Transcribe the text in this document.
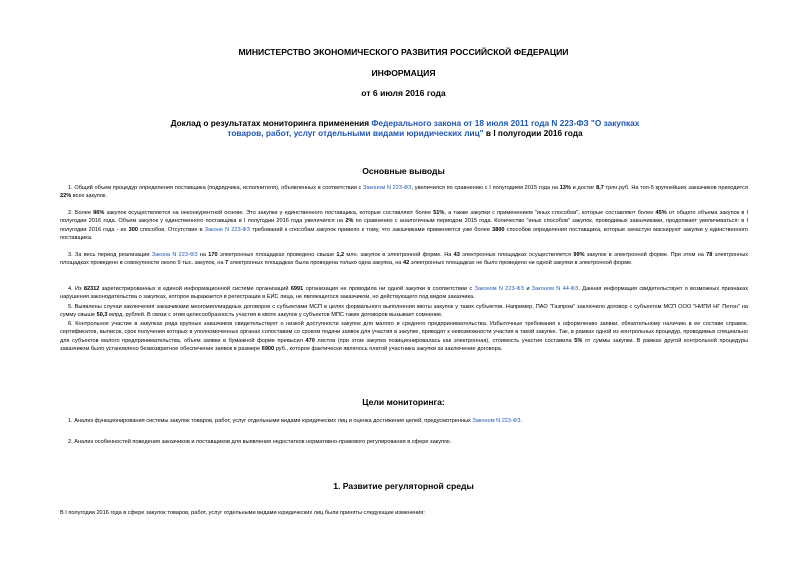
МИНИСТЕРСТВО ЭКОНОМИЧЕСКОГО РАЗВИТИЯ РОССИЙСКОЙ ФЕДЕРАЦИИ
ИНФОРМАЦИЯ
от 6 июля 2016 года
Доклад о результатах мониторинга применения Федерального закона от 18 июля 2011 года N 223-ФЗ "О закупках товаров, работ, услуг отдельными видами юридических лиц" в I полугодии 2016 года
Основные выводы
1. Общий объем процедур определения поставщика (подрядчика, исполнителя), объявленных в соответствии с Законом N 223-ФЗ, увеличился по сравнению с I полугодием 2015 года на 13% и достиг 8,7 трлн.руб. На топ-5 крупнейших заказчиков приходится 22% всех закупок.
2. Более 96% закупок осуществляется на неконкурентной основе. Это закупки у единственного поставщика, которые составляют более 51%, а также закупки с применением "иных способов", которые составляют более 45% от общего объема закупок в I полугодии 2016 года. Объем закупок у единственного поставщика в I полугодии 2016 года увеличился на 2% по сравнению с аналогичным периодом 2015 года. Количество "иных способов" закупок, проводимых заказчиками, продолжает увеличиваться: в I полугодии 2016 года - их 300 способов. Отсутствие в Законе N 223-ФЗ требований к способам закупок привело к тому, что заказчиками применяется уже более 3800 способов определения поставщика, которые зачастую маскируют закупки у единственного поставщика.
3. За весь период реализации Закона N 223-ФЗ на 170 электронных площадках проведено свыше 1,2 млн. закупок в электронной форме. На 43 электронных площадках осуществляется 99% закупок в электронной форме. При этом на 78 электронных площадках проведено в совокупности около 9 тыс. закупок, на 7 электронных площадках была проведена только одна закупка, на 42 электронных площадках не было проведено ни одной закупки в электронной форме.
4. Из 82312 зарегистрированных в единой информационной системе организаций 6991 организация не проводила ни одной закупки в соответствии с Законом N 223-ФЗ и Законом N 44-ФЗ. Данная информация свидетельствует о возможных признаках нарушения законодательства о закупках, которое выражается в регистрации в ЕИС лица, не являющегося заказчиком, но действующего под видом заказчика.
5. Выявлены случаи заключения заказчиками многомиллиардных договоров с субъектами МСП в целях формального выполнения квоты закупок у таких субъектов. Например, ПАО "Газпром" заключило договор с субъектом МСП ООО "НИПИ НГ Петон" на сумму свыше 50,3 млрд. рублей. В связи с этим целесообразность участия в квоте закупок у субъектов МПС таких договоров вызывает сомнение.
6. Контрольное участие в закупках ряда крупных заказчиков свидетельствует о низкой доступности закупок для малого и среднего предпринимательства. Избыточные требования к оформлению заявки, обязательному наличию в ее составе справок, сертификатов, выписок, срок получения которых в уполномоченных органах сопоставим со сроком подачи заявок для участия в закупке, приводят к невозможности участия в такой закупке. Так, в рамках одной из контрольных процедур, проводимых специально для субъектов малого предпринимательства, объем заявки в бумажной форме превысил 470 листов (при этом закупка позиционировалась как электронная), стоимость участия составила 5% от суммы закупки. В рамках другой контрольной процедуры заказчиком было установлено безвозвратное обеспечение заявок в размере 6900 руб., которое фактически являлось платой участника закупки за заключение договора.
Цели мониторинга:
1. Анализ функционирования системы закупок товаров, работ, услуг отдельными видами юридических лиц и оценка достижения целей, предусмотренных Законом N 223-ФЗ.
2. Анализ особенностей поведения заказчиков и поставщиков для выявления недостатков нормативно-правового регулирования в сфере закупок.
1. Развитие регуляторной среды
В I полугодии 2016 года в сфере закупок товаров, работ, услуг отдельными видами юридических лиц были приняты следующие изменения:
